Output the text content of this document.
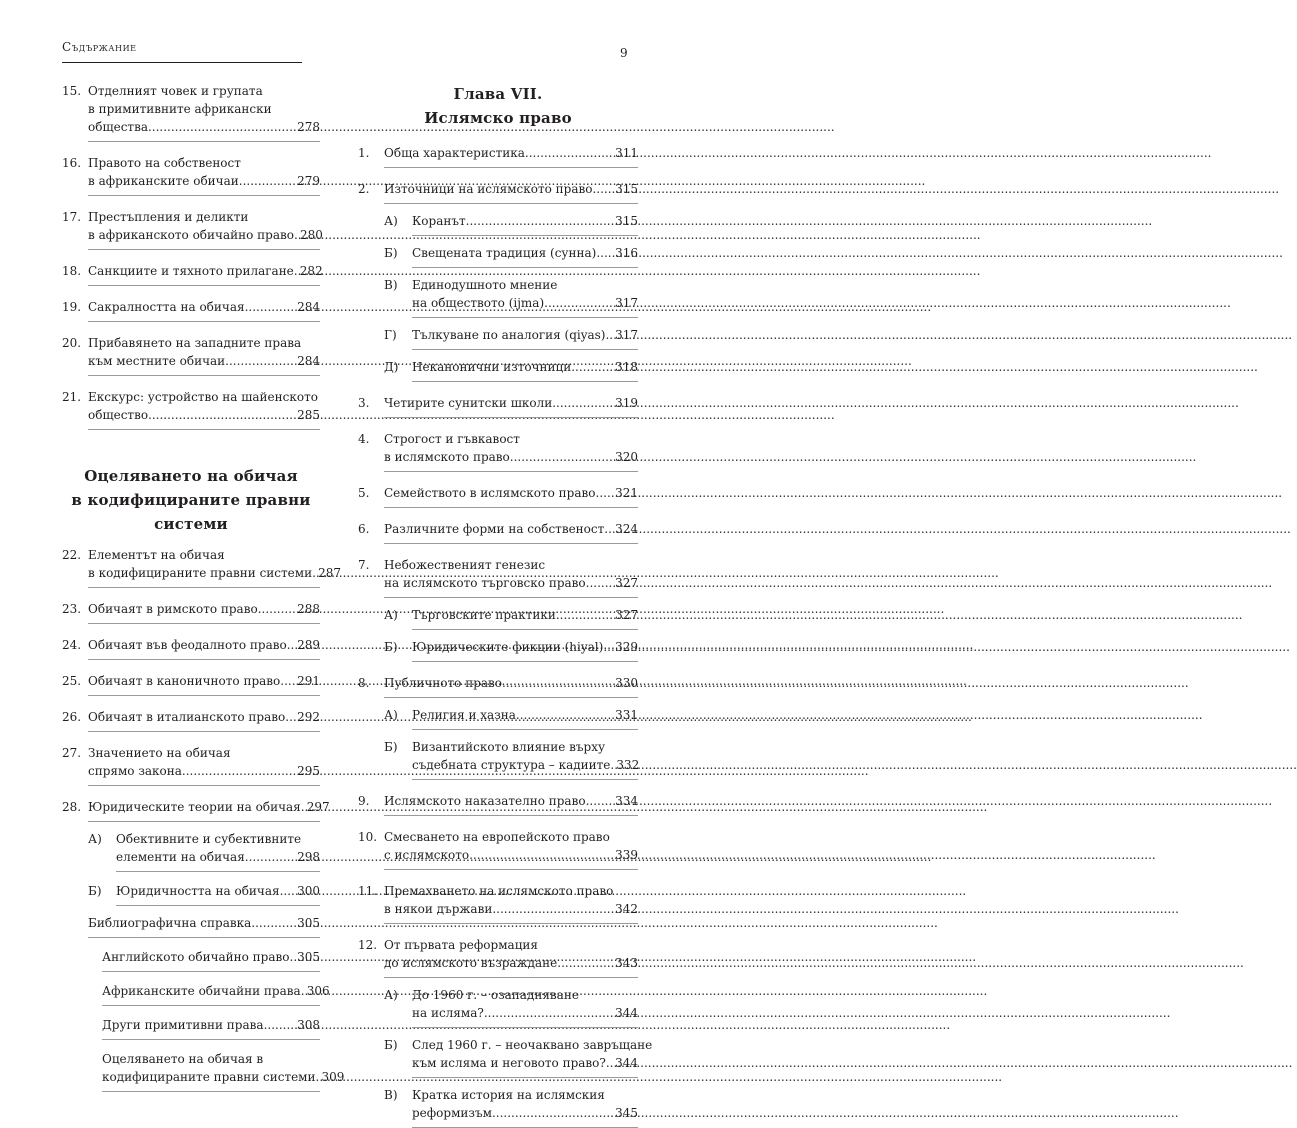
Съдържание	9
15. Отделният човек и групата
в примитивните африкански
общества .....	278
16. Правото на собственост
в африканските обичаи .....	279
17. Престъпления и деликти
в африканското обичайно право ..... 280
18. Санкциите и тяхното прилагане ..... 282
19. Сакралността на обичая .....	284
20. Прибавянето на западните права
към местните обичаи .....	284
21. Екскурс: устройство на шайенското
общество .....	285
Оцеляването на обичая
в кодифицираните правни
системи
22. Елементът на обичая
в кодифицираните правни системи ..... 287
23. Обичаят в римското право .....	288
24. Обичаят във феодалното право ..... 289
25. Обичаят в каноничното право ..... 291
26. Обичаят в италианското право ..... 292
27. Значението на обичая
спрямо закона .....	295
28. Юридическите теории на обичая ..... 297
А)	Обективните и субективните
елементи на обичая .....	298
Б)	Юридичността на обичая ..... 300
Библиографична справка .....	305
Английското обичайно право ..... 305
Африканските обичайни права ..... 306
Други примитивни права .....	308
Оцеляването на обичая в
кодифицираните правни системи ..... 309
Глава VII.
Ислямско право
1.	Обща характеристика .....	311
2.	Източници на ислямското право ..... 315
А)	Коранът .....	315
Б)	Свещената традиция (сунна) ..... 316
В)	Единодушното мнение
на обществото (ijma) .....	317
Г)	Тълкуване по аналогия (qiyas) ..... 317
Д)	Неканонични източници .....	318
3.	Четирите сунитски школи .....	319
4.	Строгост и гъвкавост
в ислямското право .....	320
5.	Семейството в ислямското право ..... 321
6.	Различните форми на собственост ..... 324
7.	Небожественият генезис
на ислямското търговско право ..... 327
А)	Търговските практики .....	327
Б)	Юридическите фикции (hiyal) ..... 329
8.	Публичното право .....	330
А)	Религия и хазна .....	331
Б)	Византийското влияние върху
съдебната структура – кадиите ..... 332
9.	Ислямското наказателно право ..... 334
10. Смесването на европейското право
с ислямското .....	339
11. Премахването на ислямското право
в някои държави .....	342
12. От първата реформация
до ислямското възраждане .....	343
А)	До 1960 г. – озападняване
на исляма? .....	344
Б)	След 1960 г. – неочаквано завръщане
към исляма и неговото право? ..... 344
В)	Кратка история на ислямския
реформизъм .....	345
